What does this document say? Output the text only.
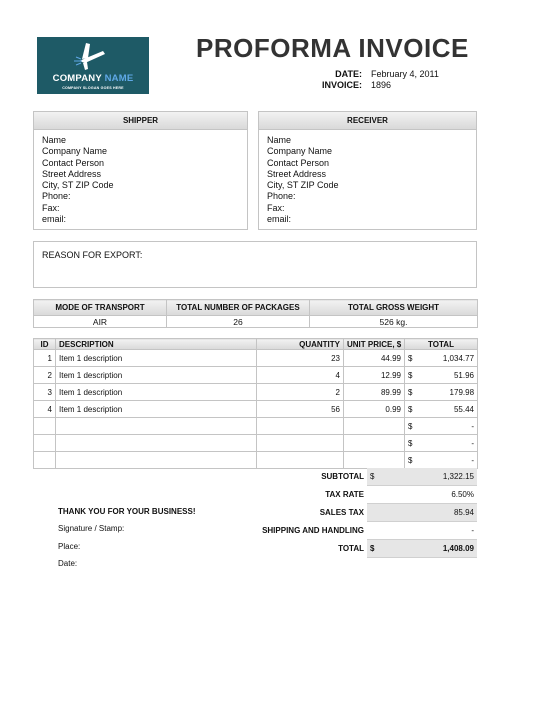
COMPANY NAME
COMPANY SLOGAN GOES HERE
PROFORMA INVOICE
DATE: February 4, 2011
INVOICE: 1896
SHIPPER
Name
Company Name
Contact Person
Street Address
City, ST ZIP Code
Phone:
Fax:
email:
RECEIVER
Name
Company Name
Contact Person
Street Address
City, ST ZIP Code
Phone:
Fax:
email:
REASON FOR EXPORT:
MODE OF TRANSPORT	TOTAL NUMBER OF PACKAGES	TOTAL GROSS WEIGHT
AIR	26	526 kg.
ID	DESCRIPTION	QUANTITY	UNIT PRICE, $	TOTAL	
1	Item 1 description	23	44.99	$	1,034.77
2	Item 1 description	4	12.99	$	51.96
3	Item 1 description	2	89.99	$	179.98
4	Item 1 description	56	0.99	$	55.44
				$	-
				$	-
				$	-
SUBTOTAL	$	1,322.15
TAX RATE		6.50%
SALES TAX		85.94
SHIPPING AND HANDLING		-
TOTAL	$	1,408.09
THANK YOU FOR YOUR BUSINESS!
Signature / Stamp:
Place:
Date:
